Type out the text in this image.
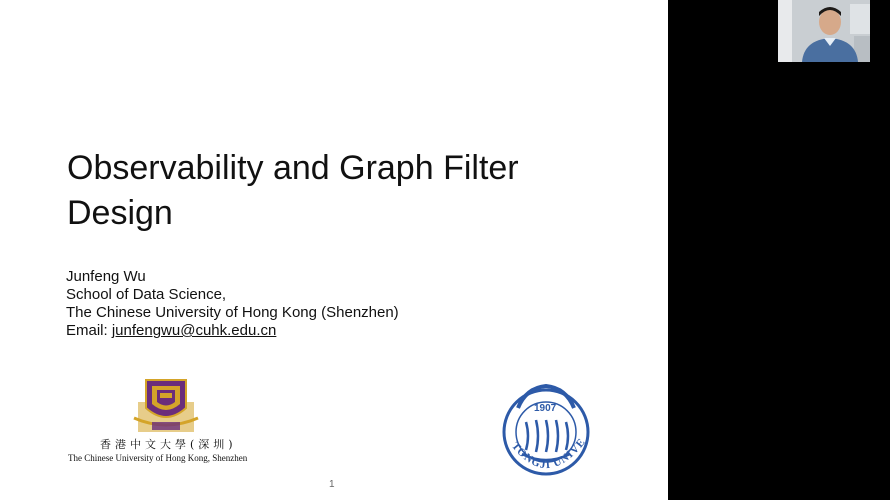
Observability and Graph Filter
Design
Junfeng Wu
School of Data Science,
The Chinese University of Hong Kong (Shenzhen)
Email: junfengwu@cuhk.edu.cn
香港中文大學(深圳)
The Chinese University of Hong Kong, Shenzhen
1907
TONGJI UNIVE
1
